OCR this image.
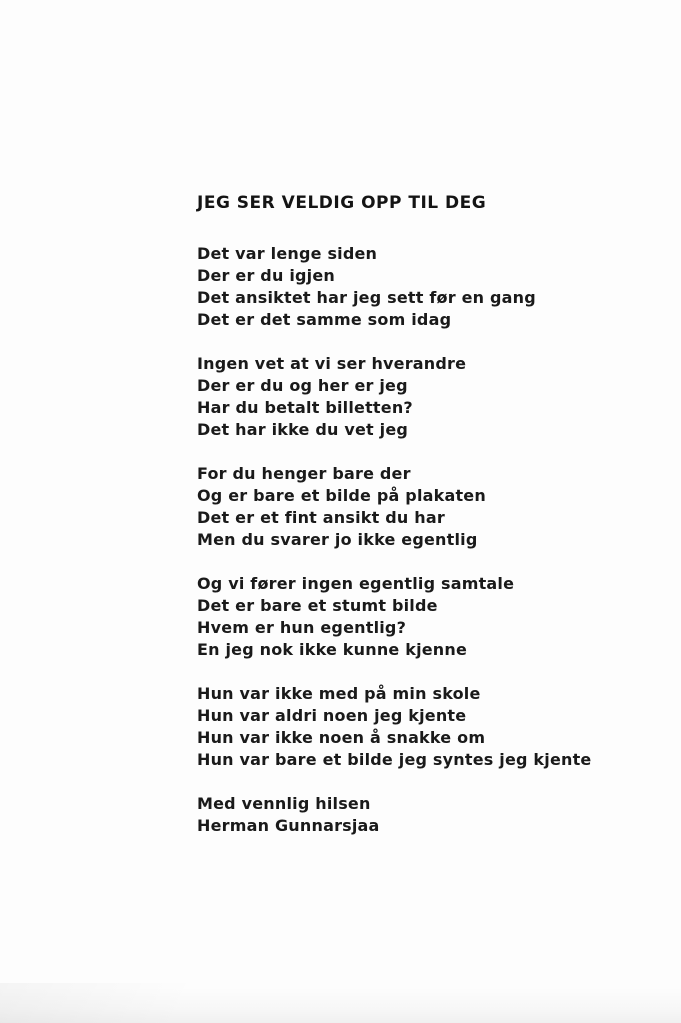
JEG SER VELDIG OPP TIL DEG
Det var lenge siden
Der er du igjen
Det ansiktet har jeg sett før en gang
Det er det samme som idag
Ingen vet at vi ser hverandre
Der er du og her er jeg
Har du betalt billetten?
Det har ikke du vet jeg
For du henger bare der
Og er bare et bilde på plakaten
Det er et fint ansikt du har
Men du svarer jo ikke egentlig
Og vi fører ingen egentlig samtale
Det er bare et stumt bilde
Hvem er hun egentlig?
En jeg nok ikke kunne kjenne
Hun var ikke med på min skole
Hun var aldri noen jeg kjente
Hun var ikke noen å snakke om
Hun var bare et bilde jeg syntes jeg kjente
Med vennlig hilsen
Herman Gunnarsjaa
